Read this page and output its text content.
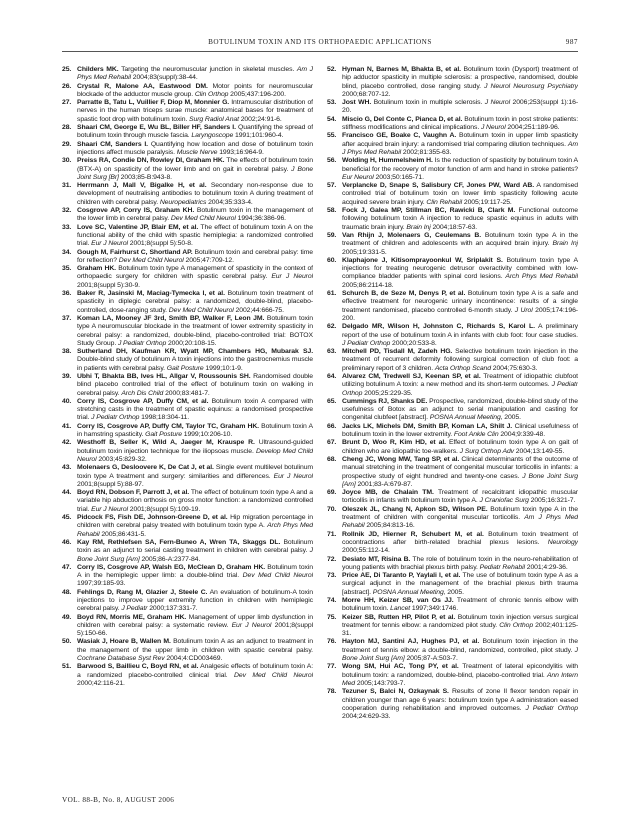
BOTULINUM TOXIN AND ITS ORTHOPAEDIC APPLICATIONS	987
25. Childers MK. Targeting the neuromuscular junction in skeletal muscles. Am J Phys Med Rehabil 2004;83(suppl):38-44.
26. Crystal R, Malone AA, Eastwood DM. Motor points for neuromuscular blockade of the adductor muscle group. Clin Orthop 2005;437:196-200.
27. Parratte B, Tatu L, Vuillier F, Diop M, Monnier G. Intramuscular distribution of nerves in the human triceps surae muscle: anatomical bases for treatment of spastic foot drop with botulinum toxin. Surg Radiol Anat 2002;24:91-6.
28. Shaari CM, George E, Wu BL, Biller HF, Sanders I. Quantifying the spread of botulinum toxin through muscle fascia. Laryngoscope 1991;101:960-4.
29. Shaari CM, Sanders I. Quantifying how location and dose of botulinum toxin injections affect muscle paralysis. Muscle Nerve 1993;16:964-9.
30. Preiss RA, Condie DN, Rowley DI, Graham HK. The effects of botulinum toxin (BTX-A) on spasticity of the lower limb and on gait in cerebral palsy. J Bone Joint Surg [Br] 2003;85-B:943-8.
31. Herrmann J, Mall V, Bigalke H, et al. Secondary non-response due to development of neutralising antibodies to botulinum toxin A during treatment of children with cerebral palsy. Neuropediatrics 2004;35:333-4.
32. Cosgrove AP, Corry IS, Graham KH. Botulinum toxin in the management of the lower limb in cerebral palsy. Dev Med Child Neurol 1994;36:386-96.
33. Love SC, Valentine JP, Blair EM, et al. The effect of botulinum toxin A on the functional ability of the child with spastic hemiplegia: a randomized controlled trial. Eur J Neurol 2001;8(suppl 5):50-8.
34. Gough M, Fairhurst C, Shortland AP. Botulinum toxin and cerebral palsy: time for reflection? Dev Med Child Neurol 2005;47:709-12.
35. Graham HK. Botulinum toxin type A management of spasticity in the context of orthopaedic surgery for children with spastic cerebral palsy. Eur J Neurol 2001;8(suppl 5):30-9.
36. Baker R, Jasinski M, Maciag-Tymecka I, et al. Botulinum toxin treatment of spasticity in diplegic cerebral palsy: a randomized, double-blind, placebo-controlled, dose-ranging study. Dev Med Child Neurol 2002;44:666-75.
37. Koman LA, Mooney JF 3rd, Smith BP, Walker F, Leon JM. Botulinum toxin type A neuromuscular blockade in the treatment of lower extremity spasticity in cerebral palsy: a randomized, double-blind, placebo-controlled trial: BOTOX Study Group. J Pediatr Orthop 2000;20:108-15.
38. Sutherland DH, Kaufman KR, Wyatt MP, Chambers HG, Mubarak SJ. Double-blind study of botulinum A toxin injections into the gastrocnemius muscle in patients with cerebral palsy. Gait Posture 1999;10:1-9.
39. Ubhi T, Bhakta BB, Ives HL, Allgar V, Roussounis SH. Randomised double blind placebo controlled trial of the effect of botulinum toxin on walking in cerebral palsy. Arch Dis Child 2000;83:481-7.
40. Corry IS, Cosgrove AP, Duffy CM, et al. Botulinum toxin A compared with stretching casts in the treatment of spastic equinus: a randomised prospective trial. J Pediatr Orthop 1998;18:304-11.
41. Corry IS, Cosgrove AP, Duffy CM, Taylor TC, Graham HK. Botulinum toxin A in hamstring spasticity. Gait Posture 1999;10:206-10.
42. Westhoff B, Seller K, Wild A, Jaeger M, Krauspe R. Ultrasound-guided botulinum toxin injection technique for the iliopsoas muscle. Develop Med Child Neurol 2003;45:829-32.
43. Molenaers G, Desloovere K, De Cat J, et al. Single event multilevel botulinum toxin type A treatment and surgery: similarities and differences. Eur J Neurol 2001;8(suppl 5):88-97.
44. Boyd RN, Dobson F, Parrott J, et al. The effect of botulinum toxin type A and a variable hip abduction orthosis on gross motor function: a randomized controlled trial. Eur J Neurol 2001;8(suppl 5):109-19.
45. Pidcock FS, Fish DE, Johnson-Greene D, et al. Hip migration percentage in children with cerebral palsy treated with botulinum toxin type A. Arch Phys Med Rehabil 2005;86:431-5.
46. Kay RM, Rethlefsen SA, Fern-Buneo A, Wren TA, Skaggs DL. Botulinum toxin as an adjunct to serial casting treatment in children with cerebral palsy. J Bone Joint Surg [Am] 2005;86-A:2377-84.
47. Corry IS, Cosgrove AP, Walsh EG, McClean D, Graham HK. Botulinum toxin A in the hemiplegic upper limb: a double-blind trial. Dev Med Child Neurol 1997;39:185-93.
48. Fehlings D, Rang M, Glazier J, Steele C. An evaluation of botulinum-A toxin injections to improve upper extremity function in children with hemiplegic cerebral palsy. J Pediatr 2000;137:331-7.
49. Boyd RN, Morris ME, Graham HK. Management of upper limb dysfunction in children with cerebral palsy: a systematic review. Eur J Neurol 2001;8(suppl 5):150-66.
50. Wasiak J, Hoare B, Wallen M. Botulinum toxin A as an adjunct to treatment in the management of the upper limb in children with spastic cerebral palsy. Cochrane Database Syst Rev 2004;4:CD003469.
51. Barwood S, Baillieu C, Boyd RN, et al. Analgesic effects of botulinum toxin A: a randomized placebo-controlled clinical trial. Dev Med Child Neurol 2000;42:116-21.
52. Hyman N, Barnes M, Bhakta B, et al. Botulinum toxin (Dysport) treatment of hip adductor spasticity in multiple sclerosis: a prospective, randomised, double blind, placebo controlled, dose ranging study. J Neurol Neurosurg Psychiatry 2000;68:707-12.
53. Jost WH. Botulinum toxin in multiple sclerosis. J Neurol 2006;253(suppl 1):16-20.
54. Miscio G, Del Conte C, Pianca D, et al. Botulinum toxin in post stroke patients: stiffness modifications and clinical implications. J Neurol 2004;251:189-96.
55. Francisco GE, Boake C, Vaughn A. Botulinum toxin in upper limb spasticity after acquired brain injury: a randomised trial comparing dilution techniques. Am J Phys Med Rehabil 2002;81:355-63.
56. Wolding H, Hummelsheim H. Is the reduction of spasticity by botulinum toxin A beneficial for the recovery of motor function of arm and hand in stroke patients? Eur Neurol 2003;50:165-71.
57. Verplancke D, Snape S, Salisbury CF, Jones PW, Ward AB. A randomised controlled trial of botulinum toxin on lower limb spasticity following acute acquired severe brain injury. Clin Rehabil 2005;19:117-25.
58. Fock J, Galea MP, Stillman BC, Rawicki B, Clark M. Functional outcome following botulinum toxin A injection to reduce spastic equinus in adults with traumatic brain injury. Brain Inj 2004;18:57-63.
59. Van Rhijn J, Molenaers G, Ceulemans B. Botulinum toxin type A in the treatment of children and adolescents with an acquired brain injury. Brain Inj 2005;19:331-5.
60. Klaphajone J, Kitisomprayoonkul W, Sriplakit S. Botulinum toxin type A injections for treating neurogenic detrusor overactivity combined with low-compliance bladder patients with spinal cord lesions. Arch Phys Med Rehabil 2005;86:2114-18.
61. Schurch B, de Seze M, Denys P, et al. Botulinum toxin type A is a safe and effective treatment for neurogenic urinary incontinence: results of a single treatment randomised, placebo controlled 6-month study. J Urol 2005;174:196-200.
62. Delgado MR, Wilson H, Johnston C, Richards S, Karol L. A preliminary report of the use of botulinum toxin A in infants with club foot: four case studies. J Pediatr Orthop 2000;20:533-8.
63. Mitchell PD, Tisdall M, Zadeh HG. Selective botulinum toxin injection in the treatment of recurrent deformity following surgical correction of club foot: a preliminary report of 3 children. Acta Orthop Scand 2004;75:630-3.
64. Alvarez CM, Tredwell SJ, Keenan SP, et al. Treatment of idiopathic clubfoot utilizing botulinum A toxin: a new method and its short-term outcomes. J Pediatr Orthop 2005;25:229-35.
65. Cummings RJ, Shanks DE. Prospective, randomized, double-blind study of the usefulness of Botox as an adjunct to serial manipulation and casting for congenital clubfeet [abstract]. POSNA Annual Meeting, 2005.
66. Jacks LK, Michels DM, Smith BP, Koman LA, Shilt J. Clinical usefulness of botulinum toxin in the lower extremity. Foot Ankle Clin 2004;9:339-48.
67. Brunt D, Woo R, Kim HD, et al. Effect of botulinum toxin type A on gait of children who are idiopathic toe-walkers. J Surg Orthop Adv 2004;13:149-55.
68. Cheng JC, Wong MW, Tang SP, et al. Clinical determinants of the outcome of manual stretching in the treatment of congenital muscular torticollis in infants: a prospective study of eight hundred and twenty-one cases. J Bone Joint Surg [Am] 2001;83-A:679-87.
69. Joyce MB, de Chalain TM. Treatment of recalcitrant idiopathic muscular torticollis in infants with botulinum toxin type A. J Craniofac Surg 2005;16:321-7.
70. Oleszek JL, Chang N, Apkon SD, Wilson PE. Botulinum toxin type A in the treatment of children with congenital muscular torticollis. Am J Phys Med Rehabil 2005;84:813-16.
71. Rollnik JD, Hierner R, Schubert M, et al. Botulinum toxin treatment of cocontractions after birth-related brachial plexus lesions. Neurology 2000;55:112-14.
72. Desiato MT, Risina B. The role of botulinum toxin in the neuro-rehabilitation of young patients with brachial plexus birth palsy. Pediatr Rehabil 2001;4:29-36.
73. Price AE, Di Taranto P, Yaylali I, et al. The use of botulinum toxin type A as a surgical adjunct in the management of the brachial plexus birth trauma [abstract]. POSNA Annual Meeting, 2005.
74. Morre HH, Keizer SB, van Os JJ. Treatment of chronic tennis elbow with botulinum toxin. Lancet 1997;349:1746.
75. Keizer SB, Rutten HP, Pilot P, et al. Botulinum toxin injection versus surgical treatment for tennis elbow: a randomized pilot study. Clin Orthop 2002;401:125-31.
76. Hayton MJ, Santini AJ, Hughes PJ, et al. Botulinum toxin injection in the treatment of tennis elbow: a double-blind, randomized, controlled, pilot study. J Bone Joint Surg [Am] 2005;87-A:503-7.
77. Wong SM, Hui AC, Tong PY, et al. Treatment of lateral epicondylitis with botulinum toxin: a randomized, double-blind, placebo-controlled trial. Ann Intern Med 2005;143:793-7.
78. Tezuner S, Balci N, Ozkaynak S. Results of zone II flexor tendon repair in children younger than age 6 years: botulinum toxin type A administration eased cooperation during rehabilitation and improved outcomes. J Pediatr Orthop 2004;24:629-33.
VOL. 88-B, No. 8, AUGUST 2006
